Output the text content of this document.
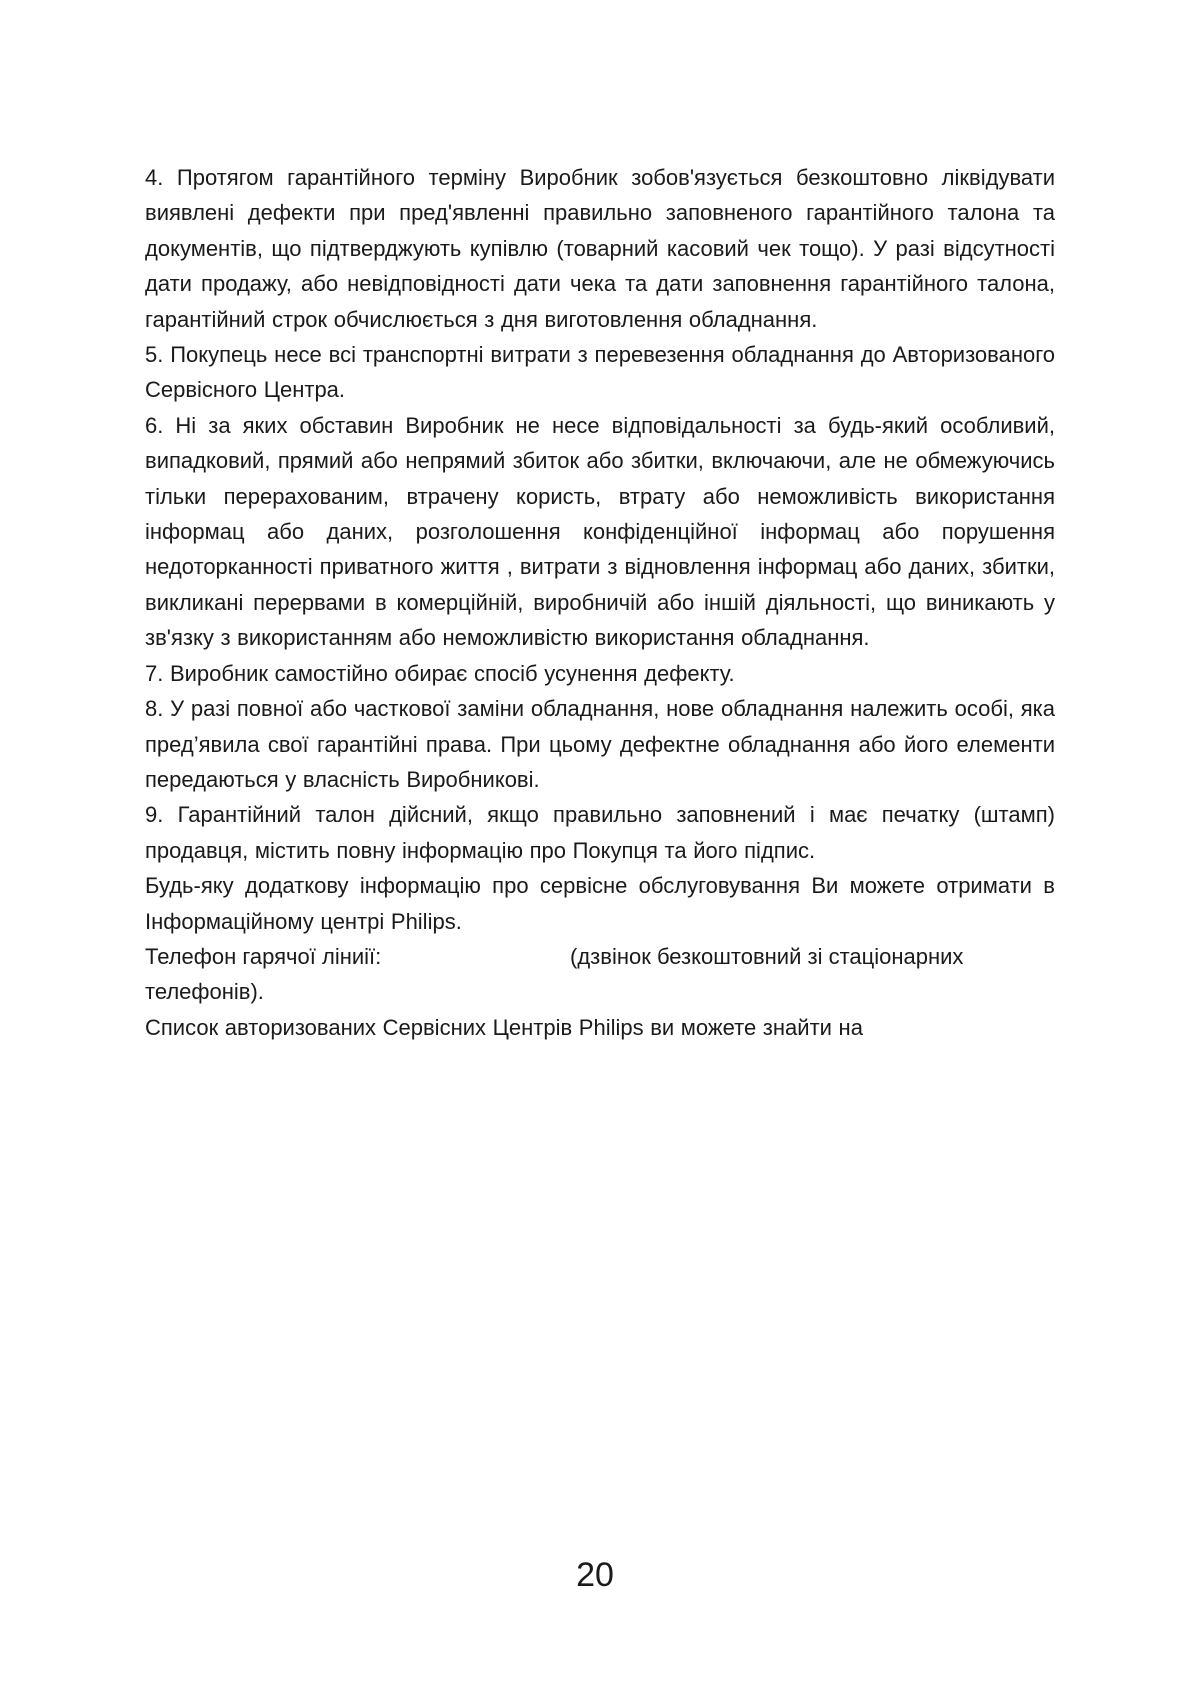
4. Протягом гарантійного терміну Виробник зобов'язується безкоштовно ліквідувати виявлені дефекти при пред'явленні правильно заповненого гарантійного талона та документів, що підтверджують купівлю (товарний касовий чек тощо). У разі відсутності дати продажу, або невідповідності дати чека та дати заповнення гарантійного талона, гарантійний строк обчислюється з дня виготовлення обладнання.

5. Покупець несе всі транспортні витрати з перевезення обладнання до Авторизованого Сервісного Центра.

6. Ні за яких обставин Виробник не несе відповідальності за будь-який особливий, випадковий, прямий або непрямий збиток або збитки, включаючи, але не обмежуючись тільки перерахованим, втрачену користь, втрату або неможливість використання інформац або даних, розголошення конфіденційної інформац або порушення недоторканності приватного життя , витрати з відновлення інформац або даних, збитки, викликані перервами в комерційній, виробничій або іншій діяльності, що виникають у зв'язку з використанням або неможливістю використання обладнання.

7. Виробник самостійно обирає спосіб усунення дефекту.

8. У разі повної або часткової заміни обладнання, нове обладнання належить особі, яка пред’явила свої гарантійні права. При цьому дефектне обладнання або його елементи передаються у власність Виробникові.

9. Гарантійний талон дійсний, якщо правильно заповнений і має печатку (штамп) продавця, містить повну інформацію про Покупця та його підпис.

Будь-яку додаткову інформацію про сервісне обслуговування Ви можете отримати в Інформаційному центрі Philips.

Телефон гарячої ліниії:	(дзвінок безкоштовний зі стаціонарних
телефонів).

Список авторизованих Сервісних Центрів Philips ви можете знайти на

20
